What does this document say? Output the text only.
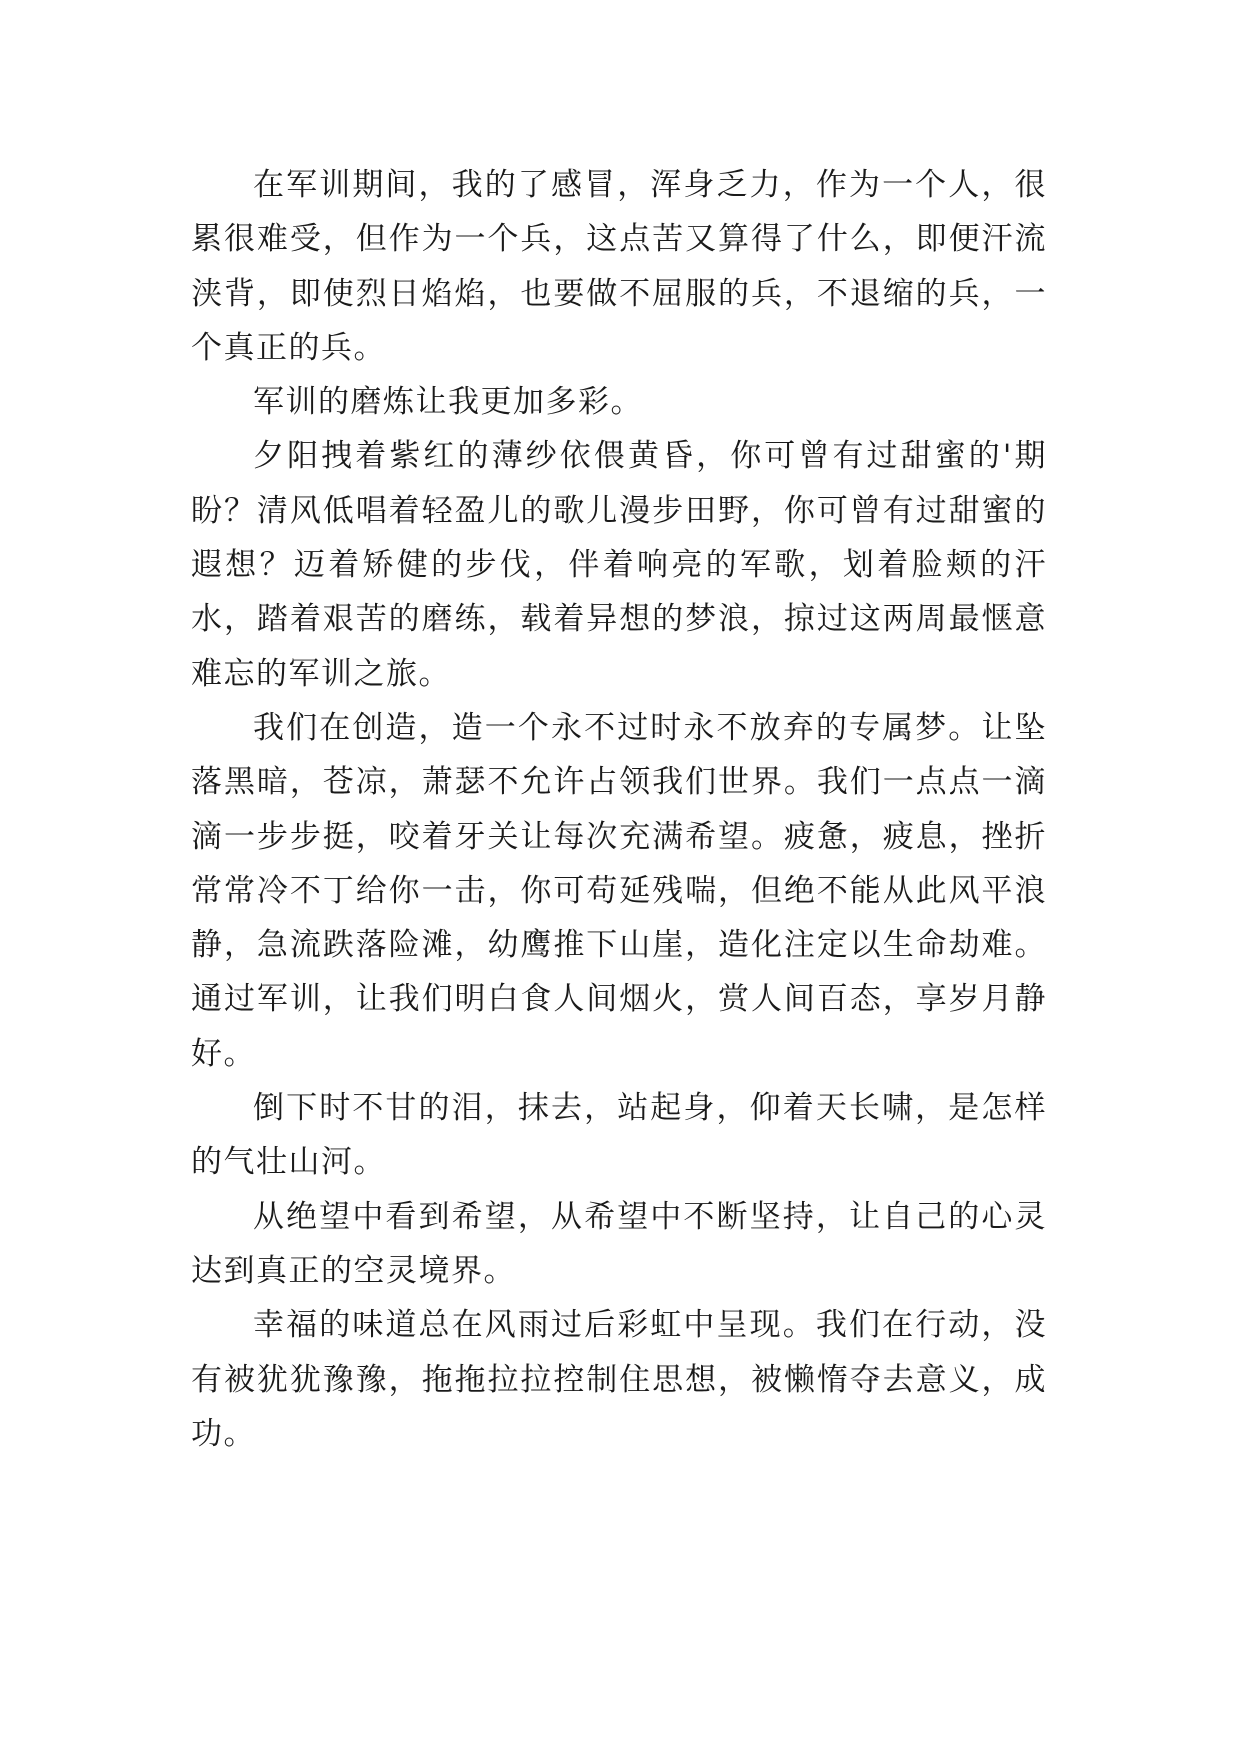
在军训期间，我的了感冒，浑身乏力，作为一个人，很累很难受，但作为一个兵，这点苦又算得了什么，即便汗流浃背，即使烈日焰焰，也要做不屈服的兵，不退缩的兵，一个真正的兵。

军训的磨炼让我更加多彩。

夕阳拽着紫红的薄纱依偎黄昏，你可曾有过甜蜜的'期盼？清风低唱着轻盈儿的歌儿漫步田野，你可曾有过甜蜜的遐想？迈着矫健的步伐，伴着响亮的军歌，划着脸颊的汗水，踏着艰苦的磨练，载着异想的梦浪，掠过这两周最惬意难忘的军训之旅。

我们在创造，造一个永不过时永不放弃的专属梦。让坠落黑暗，苍凉，萧瑟不允许占领我们世界。我们一点点一滴滴一步步挺，咬着牙关让每次充满希望。疲惫，疲息，挫折常常冷不丁给你一击，你可苟延残喘，但绝不能从此风平浪静，急流跌落险滩，幼鹰推下山崖，造化注定以生命劫难。通过军训，让我们明白食人间烟火，赏人间百态，享岁月静好。

倒下时不甘的泪，抹去，站起身，仰着天长啸，是怎样的气壮山河。

从绝望中看到希望，从希望中不断坚持，让自己的心灵达到真正的空灵境界。

幸福的味道总在风雨过后彩虹中呈现。我们在行动，没有被犹犹豫豫，拖拖拉拉控制住思想，被懒惰夺去意义，成功。
